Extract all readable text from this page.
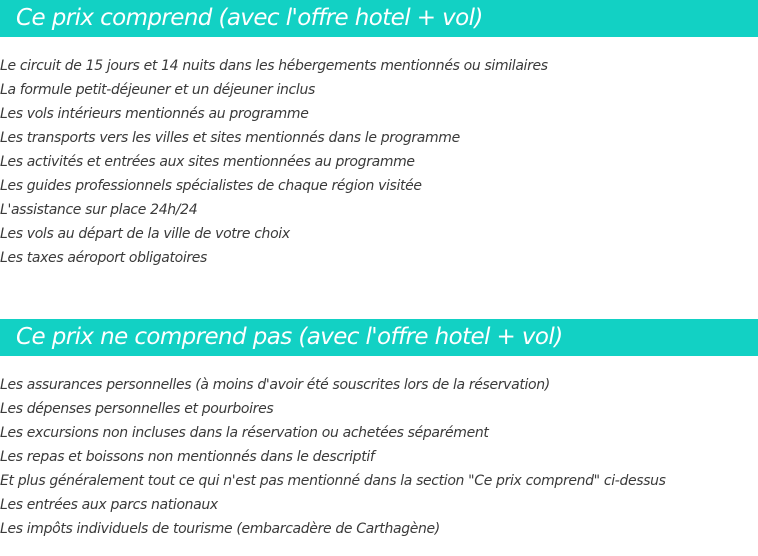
Ce prix comprend (avec l'offre hotel + vol)
Le circuit de 15 jours et 14 nuits dans les hébergements mentionnés ou similaires
La formule petit-déjeuner et un déjeuner inclus
Les vols intérieurs mentionnés au programme
Les transports vers les villes et sites mentionnés dans le programme
Les activités et entrées aux sites mentionnées au programme
Les guides professionnels spécialistes de chaque région visitée
L'assistance sur place 24h/24
Les vols au départ de la ville de votre choix
Les taxes aéroport obligatoires
Ce prix ne comprend pas (avec l'offre hotel + vol)
Les assurances personnelles (à moins d'avoir été souscrites lors de la réservation)
Les dépenses personnelles et pourboires
Les excursions non incluses dans la réservation ou achetées séparément
Les repas et boissons non mentionnés dans le descriptif
Et plus généralement tout ce qui n'est pas mentionné dans la section "Ce prix comprend" ci-dessus
Les entrées aux parcs nationaux
Les impôts individuels de tourisme (embarcadère de Carthagène)
